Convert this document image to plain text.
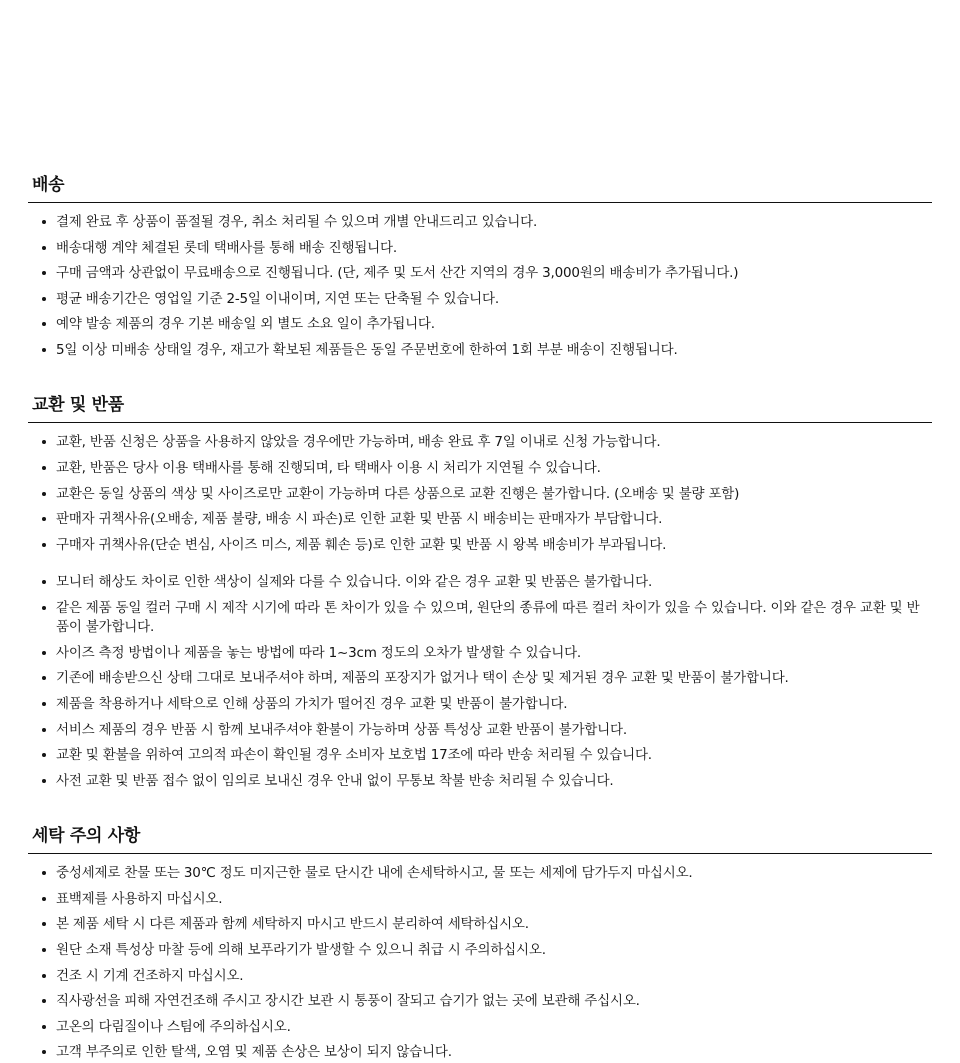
배송
결제 완료 후 상품이 품절될 경우, 취소 처리될 수 있으며 개별 안내드리고 있습니다.
배송대행 계약 체결된 롯데 택배사를 통해 배송 진행됩니다.
구매 금액과 상관없이 무료배송으로 진행됩니다. (단, 제주 및 도서 산간 지역의 경우 3,000원의 배송비가 추가됩니다.)
평균 배송기간은 영업일 기준 2-5일 이내이며, 지연 또는 단축될 수 있습니다.
예약 발송 제품의 경우 기본 배송일 외 별도 소요 일이 추가됩니다.
5일 이상 미배송 상태일 경우, 재고가 확보된 제품들은 동일 주문번호에 한하여 1회 부분 배송이 진행됩니다.
교환 및 반품
교환, 반품 신청은 상품을 사용하지 않았을 경우에만 가능하며, 배송 완료 후 7일 이내로 신청 가능합니다.
교환, 반품은 당사 이용 택배사를 통해 진행되며, 타 택배사 이용 시 처리가 지연될 수 있습니다.
교환은 동일 상품의 색상 및 사이즈로만 교환이 가능하며 다른 상품으로 교환 진행은 불가합니다. (오배송 및 불량 포함)
판매자 귀책사유(오배송, 제품 불량, 배송 시 파손)로 인한 교환 및 반품 시 배송비는 판매자가 부담합니다.
구매자 귀책사유(단순 변심, 사이즈 미스, 제품 훼손 등)로 인한 교환 및 반품 시 왕복 배송비가 부과됩니다.
모니터 해상도 차이로 인한 색상이 실제와 다를 수 있습니다. 이와 같은 경우 교환 및 반품은 불가합니다.
같은 제품 동일 컬러 구매 시 제작 시기에 따라 톤 차이가 있을 수 있으며, 원단의 종류에 따른 컬러 차이가 있을 수 있습니다. 이와 같은 경우 교환 및 반품이 불가합니다.
사이즈 측정 방법이나 제품을 놓는 방법에 따라 1~3cm 정도의 오차가 발생할 수 있습니다.
기존에 배송받으신 상태 그대로 보내주셔야 하며, 제품의 포장지가 없거나 택이 손상 및 제거된 경우 교환 및 반품이 불가합니다.
제품을 착용하거나 세탁으로 인해 상품의 가치가 떨어진 경우 교환 및 반품이 불가합니다.
서비스 제품의 경우 반품 시 함께 보내주셔야 환불이 가능하며 상품 특성상 교환 반품이 불가합니다.
교환 및 환불을 위하여 고의적 파손이 확인될 경우 소비자 보호법 17조에 따라 반송 처리될 수 있습니다.
사전 교환 및 반품 접수 없이 임의로 보내신 경우 안내 없이 무통보 착불 반송 처리될 수 있습니다.
세탁 주의 사항
중성세제로 찬물 또는 30℃ 정도 미지근한 물로 단시간 내에 손세탁하시고, 물 또는 세제에 담가두지 마십시오.
표백제를 사용하지 마십시오.
본 제품 세탁 시 다른 제품과 함께 세탁하지 마시고 반드시 분리하여 세탁하십시오.
원단 소재 특성상 마찰 등에 의해 보푸라기가 발생할 수 있으니 취급 시 주의하십시오.
건조 시 기계 건조하지 마십시오.
직사광선을 피해 자연건조해 주시고 장시간 보관 시 통풍이 잘되고 습기가 없는 곳에 보관해 주십시오.
고온의 다림질이나 스팀에 주의하십시오.
고객 부주의로 인한 탈색, 오염 및 제품 손상은 보상이 되지 않습니다.
